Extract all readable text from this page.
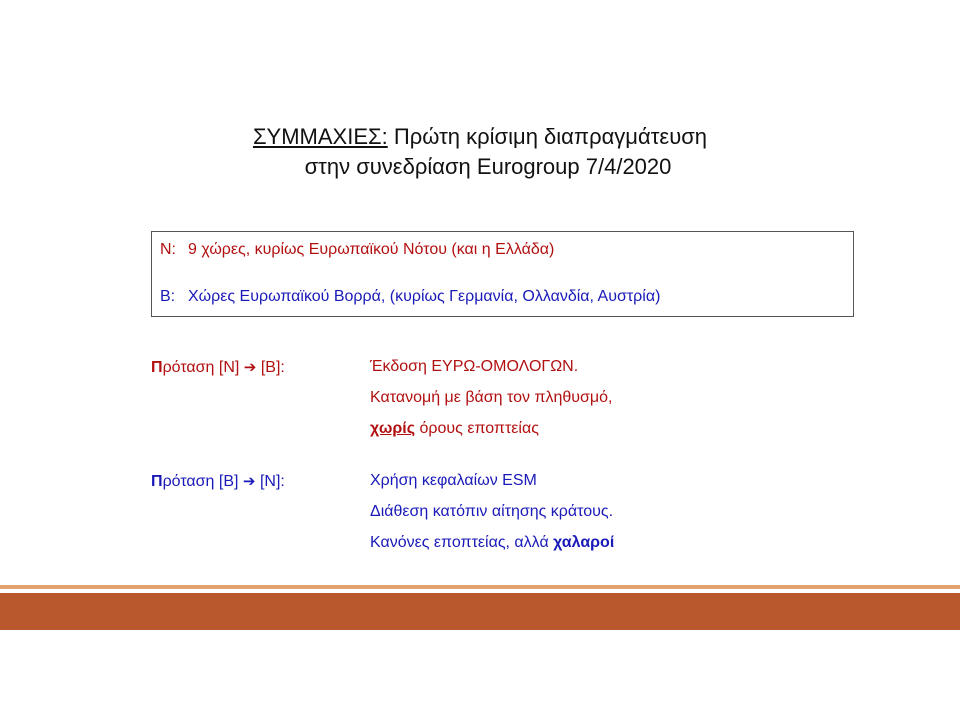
ΣΥΜΜΑΧΙΕΣ: Πρώτη κρίσιμη διαπραγμάτευση
στην συνεδρίαση Eurogroup 7/4/2020
Ν: 9 χώρες, κυρίως Ευρωπαϊκού Νότου (και η Ελλάδα)
Β: Χώρες Ευρωπαϊκού Βορρά, (κυρίως Γερμανία, Ολλανδία, Αυστρία)
Πρόταση [Ν] ➔ [Β]:	Έκδοση ΕΥΡΩ-ΟΜΟΛΟΓΩΝ.
Κατανομή με βάση τον πληθυσμό,
χωρίς όρους εποπτείας
Πρόταση [Β] ➔ [Ν]:	Χρήση κεφαλαίων ESM
Διάθεση κατόπιν αίτησης κράτους.
Κανόνες εποπτείας, αλλά χαλαροί
